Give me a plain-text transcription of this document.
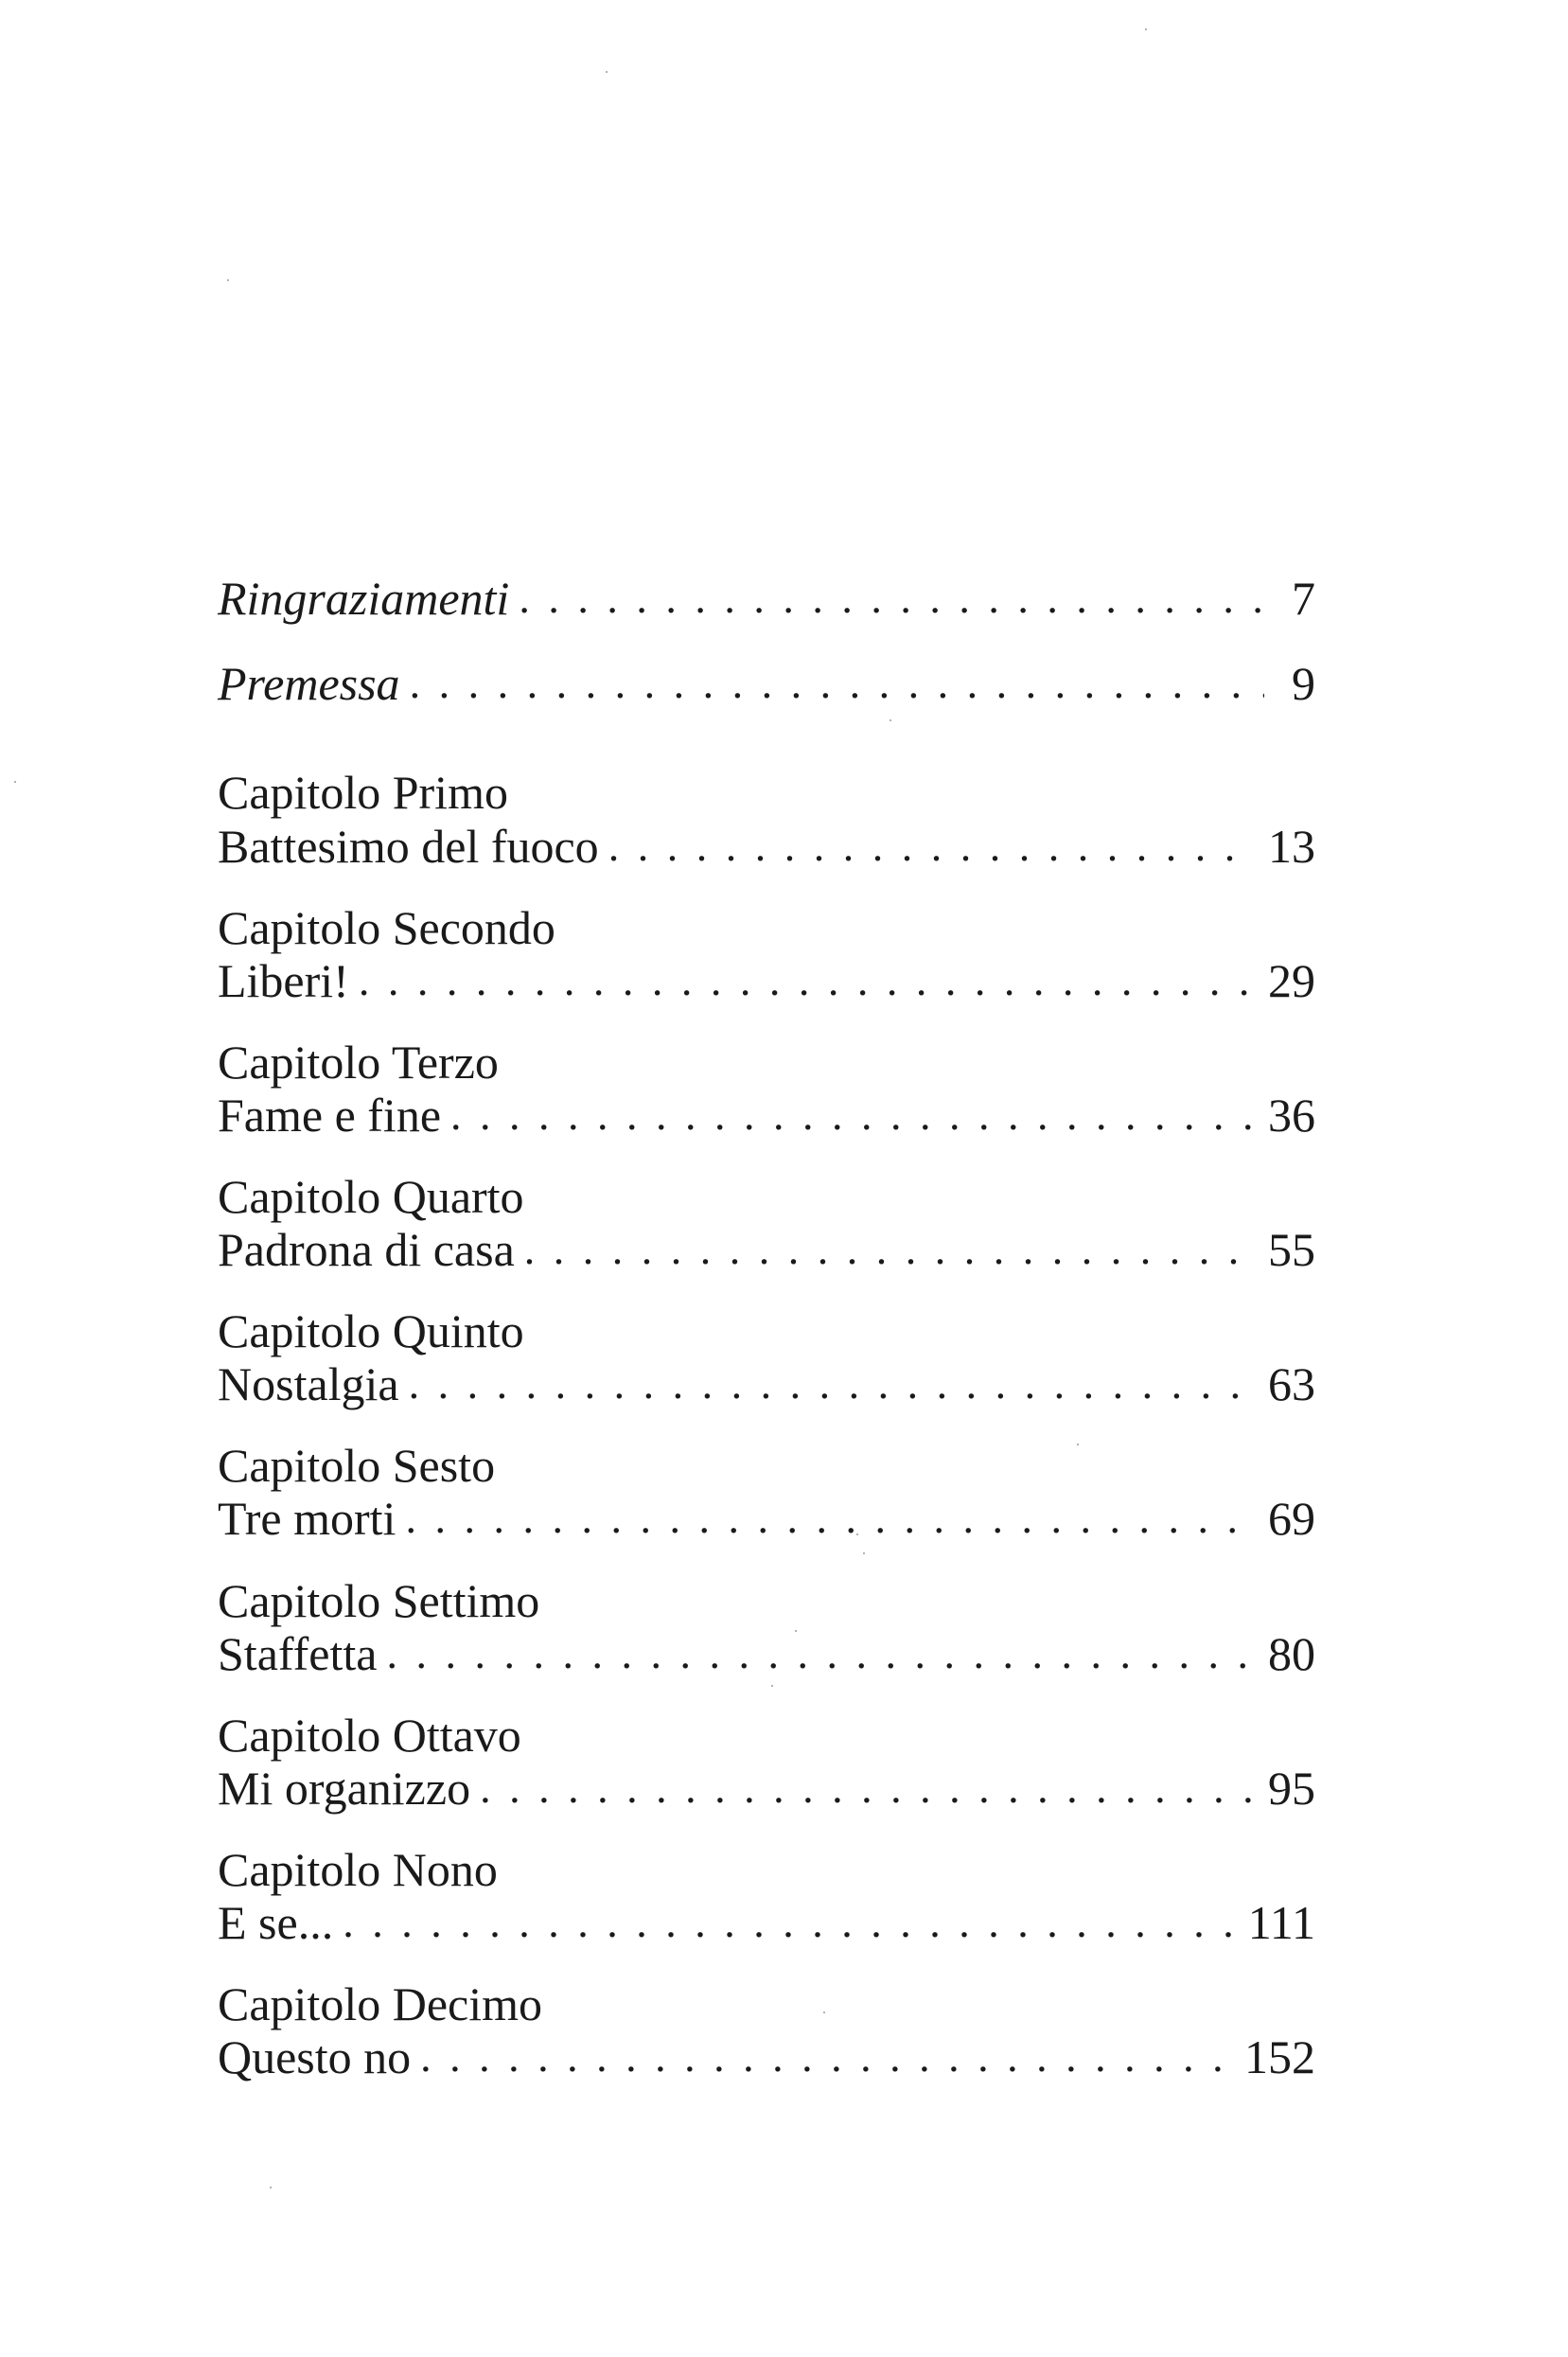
Ringraziamenti . . .	7
Premessa . . .	9
Capitolo Primo
Battesimo del fuoco . . .	13
Capitolo Secondo
Liberi! . . .	29
Capitolo Terzo
Fame e fine . . .	36
Capitolo Quarto
Padrona di casa . . .	55
Capitolo Quinto
Nostalgia . . .	63
Capitolo Sesto
Tre morti . . .	69
Capitolo Settimo
Staffetta . . .	80
Capitolo Ottavo
Mi organizzo . . .	95
Capitolo Nono
E se... . . .	111
Capitolo Decimo
Questo no . . .	152
